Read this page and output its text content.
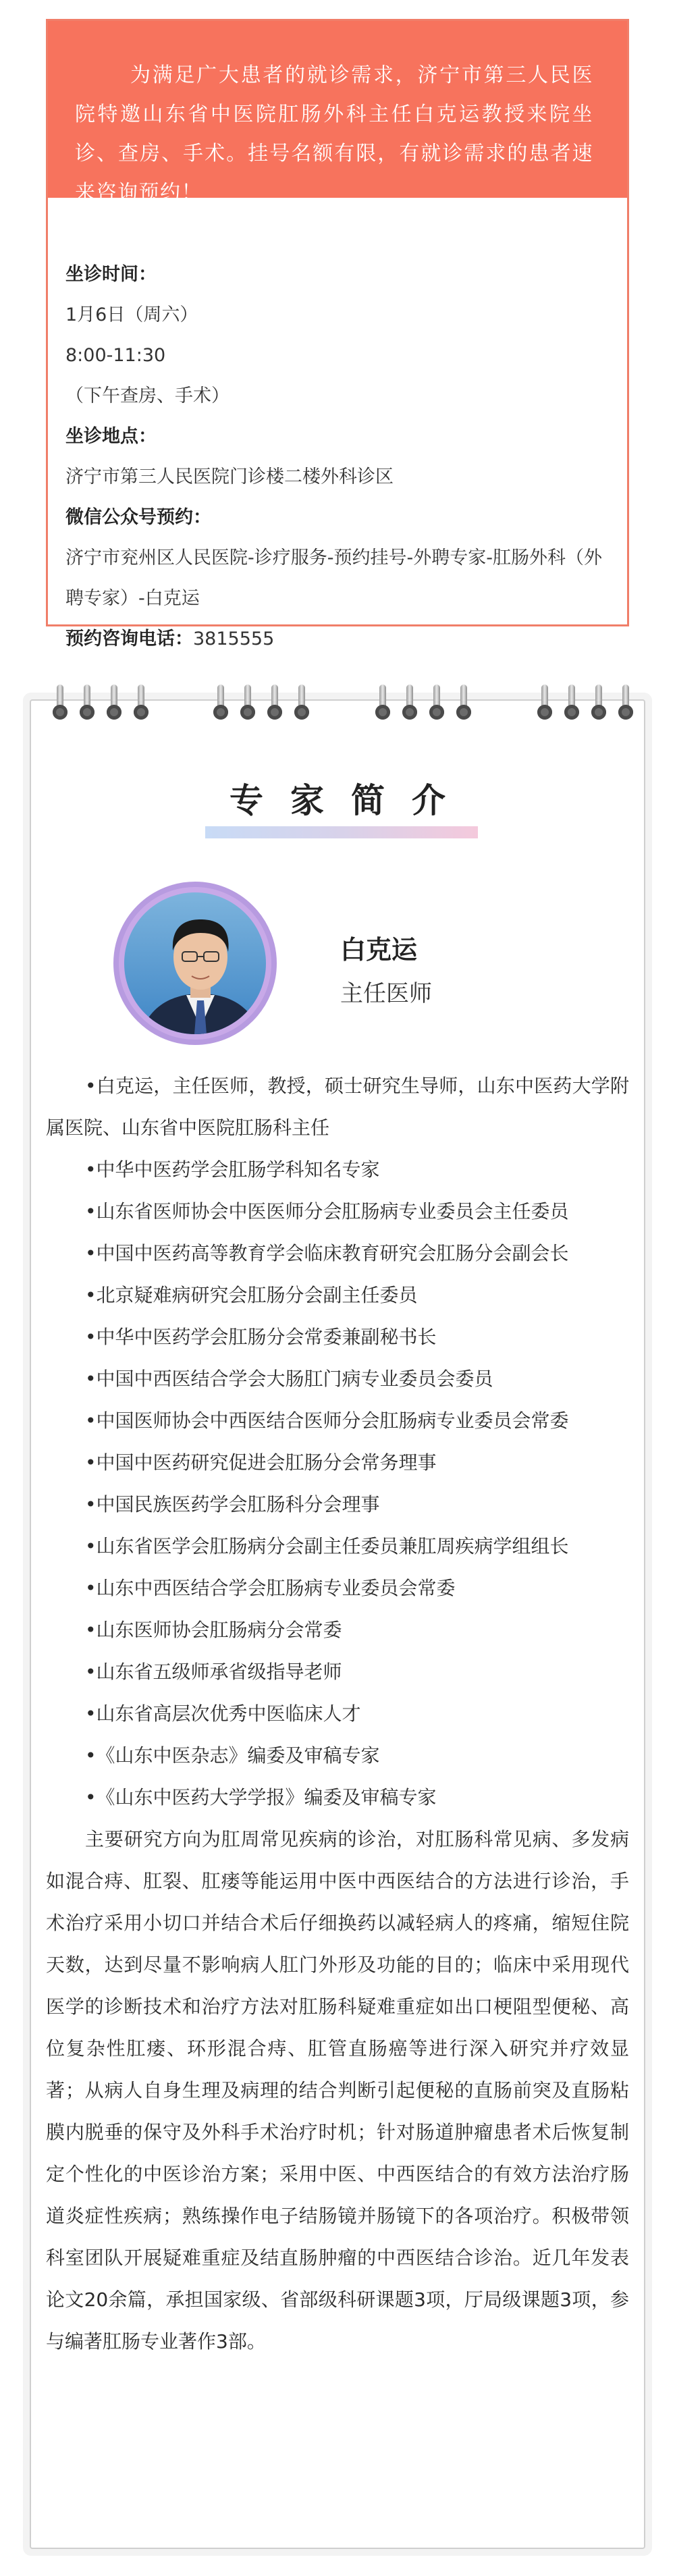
为满足广大患者的就诊需求，济宁市第三人民医院特邀山东省中医院肛肠外科主任白克运教授来院坐诊、查房、手术。挂号名额有限，有就诊需求的患者速来咨询预约！
坐诊时间：
1月6日（周六）
8:00-11:30
（下午查房、手术）
坐诊地点：
济宁市第三人民医院门诊楼二楼外科诊区
微信公众号预约：
济宁市兖州区人民医院-诊疗服务-预约挂号-外聘专家-肛肠外科（外聘专家）-白克运
预约咨询电话：3815555
专家简介
白克运
主任医师

•白克运，主任医师，教授，硕士研究生导师，山东中医药大学附属医院、山东省中医院肛肠科主任

•中华中医药学会肛肠学科知名专家

•山东省医师协会中医医师分会肛肠病专业委员会主任委员

•中国中医药高等教育学会临床教育研究会肛肠分会副会长

•北京疑难病研究会肛肠分会副主任委员

•中华中医药学会肛肠分会常委兼副秘书长

•中国中西医结合学会大肠肛门病专业委员会委员

•中国医师协会中西医结合医师分会肛肠病专业委员会常委

•中国中医药研究促进会肛肠分会常务理事

•中国民族医药学会肛肠科分会理事

•山东省医学会肛肠病分会副主任委员兼肛周疾病学组组长

•山东中西医结合学会肛肠病专业委员会常委

•山东医师协会肛肠病分会常委

•山东省五级师承省级指导老师

•山东省高层次优秀中医临床人才

•《山东中医杂志》编委及审稿专家

•《山东中医药大学学报》编委及审稿专家

主要研究方向为肛周常见疾病的诊治，对肛肠科常见病、多发病如混合痔、肛裂、肛瘘等能运用中医中西医结合的方法进行诊治，手术治疗采用小切口并结合术后仔细换药以减轻病人的疼痛，缩短住院天数，达到尽量不影响病人肛门外形及功能的目的；临床中采用现代医学的诊断技术和治疗方法对肛肠科疑难重症如出口梗阻型便秘、高位复杂性肛瘘、环形混合痔、肛管直肠癌等进行深入研究并疗效显著；从病人自身生理及病理的结合判断引起便秘的直肠前突及直肠粘膜内脱垂的保守及外科手术治疗时机；针对肠道肿瘤患者术后恢复制定个性化的中医诊治方案；采用中医、中西医结合的有效方法治疗肠道炎症性疾病；熟练操作电子结肠镜并肠镜下的各项治疗。积极带领科室团队开展疑难重症及结直肠肿瘤的中西医结合诊治。近几年发表论文20余篇，承担国家级、省部级科研课题3项，厅局级课题3项，参与编著肛肠专业著作3部。
